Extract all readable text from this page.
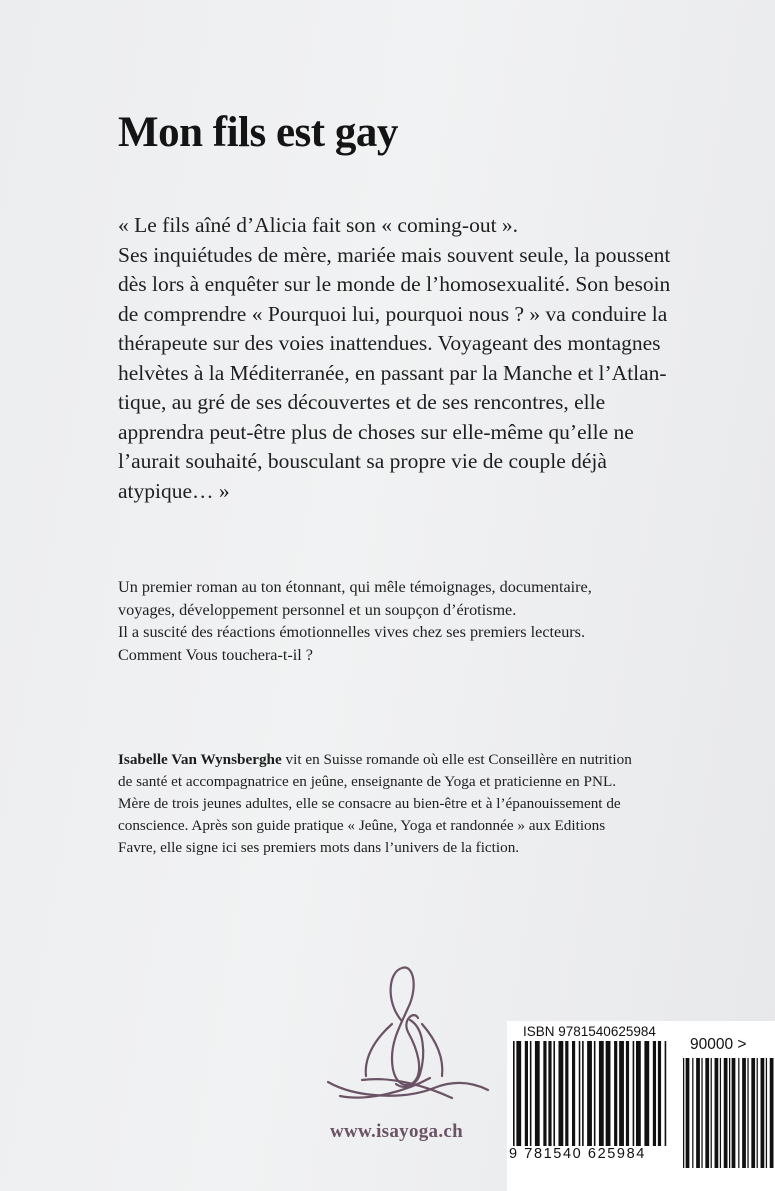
Mon fils est gay
« Le fils aîné d’Alicia fait son « coming-out ».
Ses inquiétudes de mère, mariée mais souvent seule, la poussent
dès lors à enquêter sur le monde de l’homosexualité. Son besoin
de comprendre « Pourquoi lui, pourquoi nous ? » va conduire la
thérapeute sur des voies inattendues. Voyageant des montagnes
helvètes à la Méditerranée, en passant par la Manche et l’Atlan-
tique, au gré de ses découvertes et de ses rencontres, elle
apprendra peut-être plus de choses sur elle-même qu’elle ne
l’aurait souhaité, bousculant sa propre vie de couple déjà
atypique… »
Un premier roman au ton étonnant, qui mêle témoignages, documentaire,
voyages, développement personnel et un soupçon d’érotisme.
Il a suscité des réactions émotionnelles vives chez ses premiers lecteurs.
Comment Vous touchera-t-il ?
Isabelle Van Wynsberghe vit en Suisse romande où elle est Conseillère en nutrition
de santé et accompagnatrice en jeûne, enseignante de Yoga et praticienne en PNL.
Mère de trois jeunes adultes, elle se consacre au bien-être et à l’épanouissement de
conscience. Après son guide pratique « Jeûne, Yoga et randonnée » aux Editions
Favre, elle signe ici ses premiers mots dans l’univers de la fiction.
www.isayoga.ch
ISBN 9781540625984
9 781540 625984
90000 >
